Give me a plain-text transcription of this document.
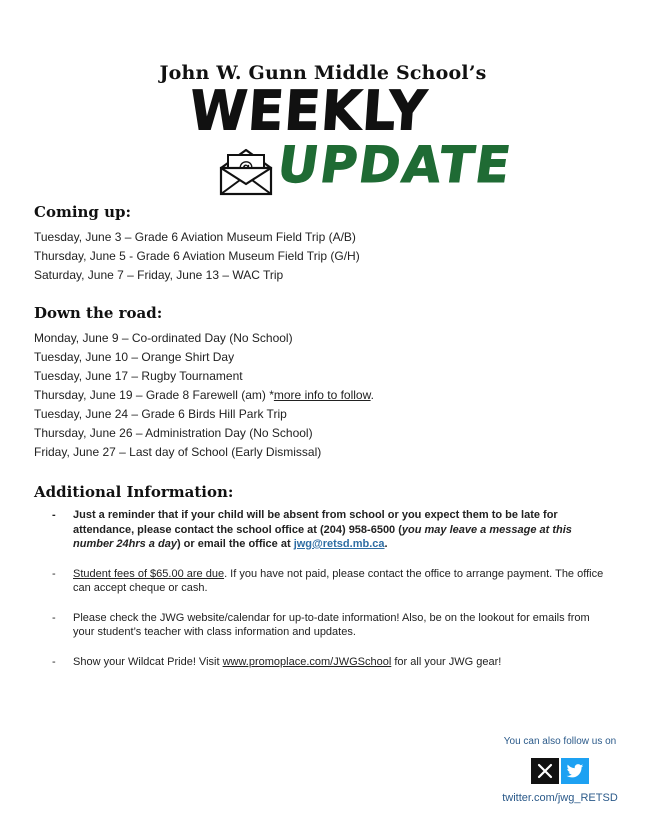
John W. Gunn Middle School’s
WEEKLY
UPDATE
Coming up:
Tuesday, June 3 – Grade 6 Aviation Museum Field Trip (A/B)
Thursday, June 5 - Grade 6 Aviation Museum Field Trip (G/H)
Saturday, June 7 – Friday, June 13 – WAC Trip
Down the road:
Monday, June 9 – Co-ordinated Day (No School)
Tuesday, June 10 – Orange Shirt Day
Tuesday, June 17 – Rugby Tournament
Thursday, June 19 – Grade 8 Farewell (am) *more info to follow.
Tuesday, June 24 – Grade 6 Birds Hill Park Trip
Thursday, June 26 – Administration Day (No School)
Friday, June 27 – Last day of School (Early Dismissal)
Additional Information:
- Just a reminder that if your child will be absent from school or you expect them to be late for attendance, please contact the school office at (204) 958-6500 (you may leave a message at this number 24hrs a day) or email the office at jwg@retsd.mb.ca.
- Student fees of $65.00 are due. If you have not paid, please contact the office to arrange payment. The office can accept cheque or cash.
- Please check the JWG website/calendar for up-to-date information! Also, be on the lookout for emails from your student’s teacher with class information and updates.
- Show your Wildcat Pride! Visit www.promoplace.com/JWGSchool for all your JWG gear!
You can also follow us on
twitter.com/jwg_RETSD
